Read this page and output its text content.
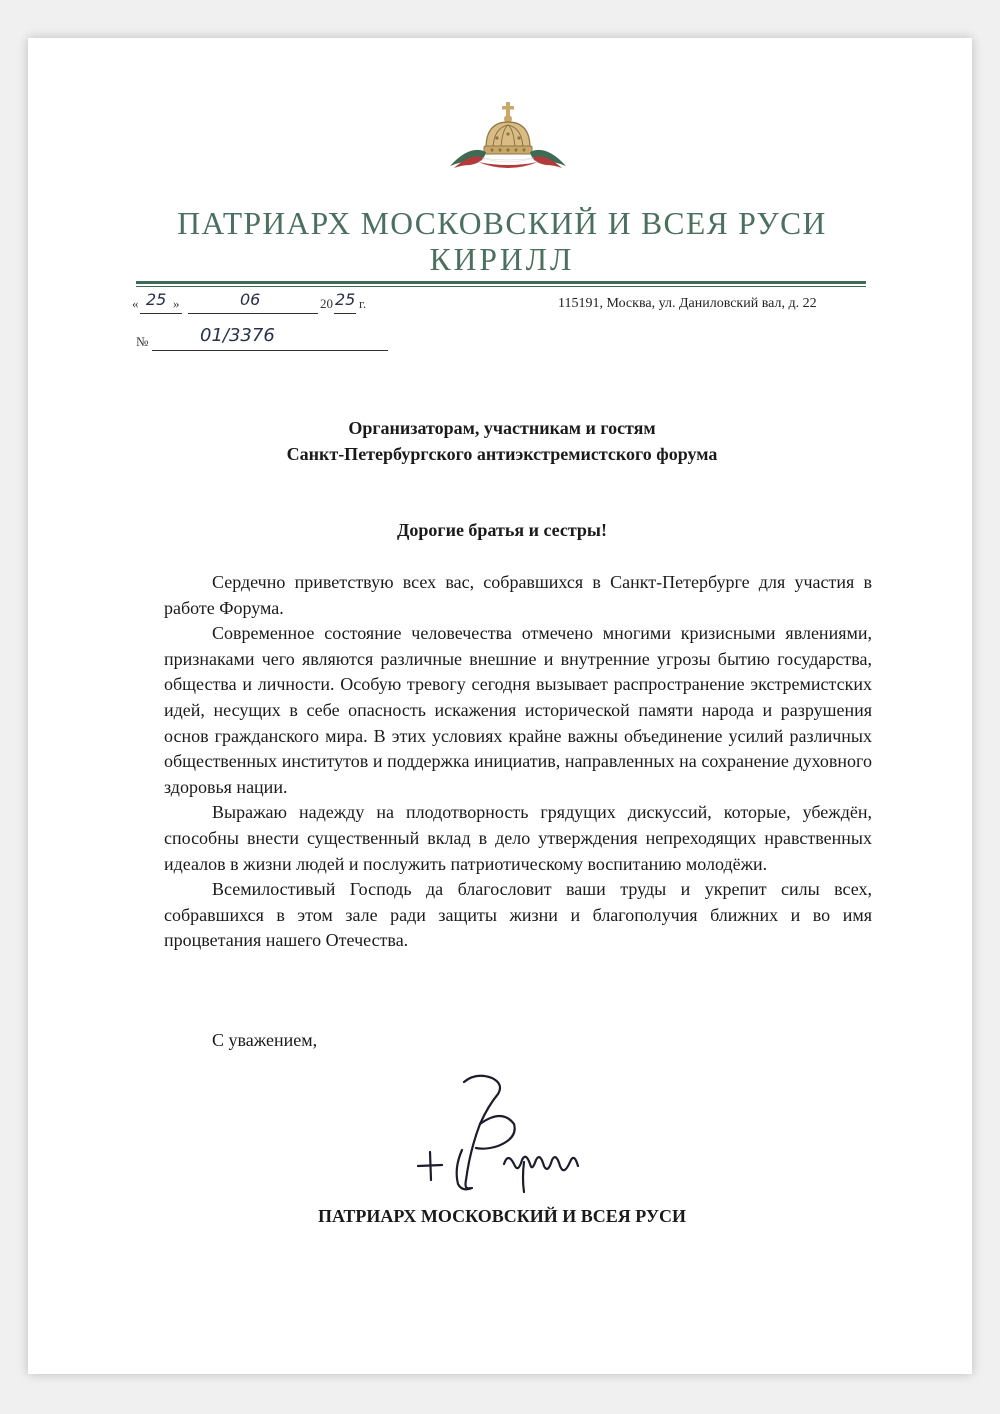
ПАТРИАРХ МОСКОВСКИЙ И ВСЕЯ РУСИ
КИРИЛЛ
« 25 »	06	20 25 г.
№	01/3376
115191, Москва, ул. Даниловский вал, д. 22
Организаторам, участникам и гостям
Санкт-Петербургского антиэкстремистского форума
Дорогие братья и сестры!

Сердечно приветствую всех вас, собравшихся в Санкт-Петербурге для участия в работе Форума.

Современное состояние человечества отмечено многими кризисными явлениями, признаками чего являются различные внешние и внутренние угрозы бытию государства, общества и личности. Особую тревогу сегодня вызывает распространение экстремистских идей, несущих в себе опасность искажения исторической памяти народа и разрушения основ гражданского мира. В этих условиях крайне важны объединение усилий различных общественных институтов и поддержка инициатив, направленных на сохранение духовного здоровья нации.

Выражаю надежду на плодотворность грядущих дискуссий, которые, убеждён, способны внести существенный вклад в дело утверждения непреходящих нравственных идеалов в жизни людей и послужить патриотическому воспитанию молодёжи.

Всемилостивый Господь да благословит ваши труды и укрепит силы всех, собравшихся в этом зале ради защиты жизни и благополучия ближних и во имя процветания нашего Отечества.

С уважением,
ПАТРИАРХ МОСКОВСКИЙ И ВСЕЯ РУСИ
